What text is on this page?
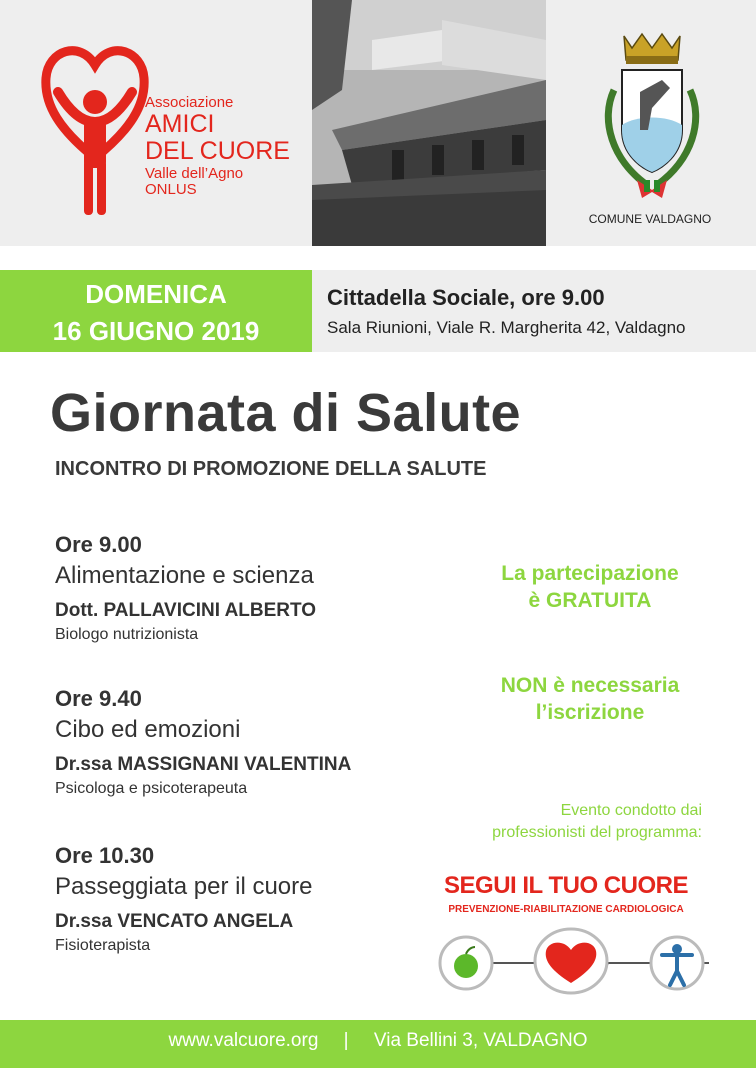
Associazione
AMICI
DEL CUORE
Valle dell’Agno
ONLUS
COMUNE VALDAGNO
DOMENICA
16 GIUGNO 2019
Cittadella Sociale, ore 9.00
Sala Riunioni, Viale R. Margherita 42, Valdagno
Giornata di Salute
INCONTRO DI PROMOZIONE DELLA SALUTE
Ore 9.00
Alimentazione e scienza
Dott. PALLAVICINI ALBERTO
Biologo nutrizionista
Ore 9.40
Cibo ed emozioni
Dr.ssa MASSIGNANI VALENTINA
Psicologa e psicoterapeuta
Ore 10.30
Passeggiata per il cuore
Dr.ssa VENCATO ANGELA
Fisioterapista
La partecipazione
è GRATUITA
NON è necessaria
l’iscrizione
Evento condotto dai
professionisti del programma:
SEGUI IL TUO CUORE
PREVENZIONE-RIABILITAZIONE CARDIOLOGICA
www.valcuore.org | Via Bellini 3, VALDAGNO
